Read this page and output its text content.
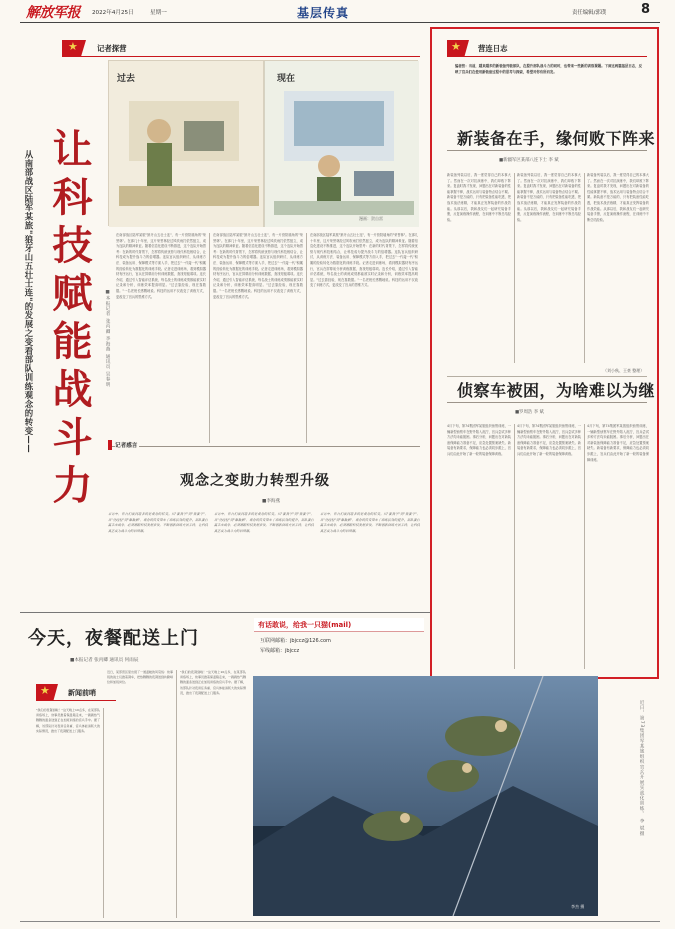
解放军报 2022年4月25日	星期一	基层传真	责任编辑/郭璞	8
★	记者探营
从南部战区陆军某旅"狼牙山五壮士连"的发展之变看部队训练观念的转变—— 让科技赋能战斗力
过去	现在
漫画：贺自雷
■本报记者 张丙卿 李海燕 通讯员 吴春明
在南部战区陆军某旅"狼牙山五壮士连"，有一片营院墙角的"荣誉林"。在那几十年里，这片荣誉林经过风吹雨打依然挺立，成为连队的精神象征。随着信息化建设不断推进，这个连队开始思考：在新的时代背景下，怎样将传统优势与现代科技相结合，让科技成为提升战斗力的倍增器。连队官兵组织研讨，从训练方法、装备运用、保障模式等方面入手，把过去"一代接一代"积累的经验转化为数据化的训练手段。记者走进训练场，看到模拟器材有序运行，官兵在屏幕前分析训练数据，查找短板弱项。连长介绍，通过引入智能评估系统，每名战士的训练成绩都能被实时记录和分析，训练效率提高明显。"过去靠经验，现在靠数据。"一名老班长感慨地说。科技的运用不仅改变了训练方式，更改变了官兵的思维方式。
在南部战区陆军某旅"狼牙山五壮士连"，有一片营院墙角的"荣誉林"。在那几十年里，这片荣誉林经过风吹雨打依然挺立，成为连队的精神象征。随着信息化建设不断推进，这个连队开始思考：在新的时代背景下，怎样将传统优势与现代科技相结合，让科技成为提升战斗力的倍增器。连队官兵组织研讨，从训练方法、装备运用、保障模式等方面入手，把过去"一代接一代"积累的经验转化为数据化的训练手段。记者走进训练场，看到模拟器材有序运行，官兵在屏幕前分析训练数据，查找短板弱项。连长介绍，通过引入智能评估系统，每名战士的训练成绩都能被实时记录和分析，训练效率提高明显。"过去靠经验，现在靠数据。"一名老班长感慨地说。科技的运用不仅改变了训练方式，更改变了官兵的思维方式。
在南部战区陆军某旅"狼牙山五壮士连"，有一片营院墙角的"荣誉林"。在那几十年里，这片荣誉林经过风吹雨打依然挺立，成为连队的精神象征。随着信息化建设不断推进，这个连队开始思考：在新的时代背景下，怎样将传统优势与现代科技相结合，让科技成为提升战斗力的倍增器。连队官兵组织研讨，从训练方法、装备运用、保障模式等方面入手，把过去"一代接一代"积累的经验转化为数据化的训练手段。记者走进训练场，看到模拟器材有序运行，官兵在屏幕前分析训练数据，查找短板弱项。连长介绍，通过引入智能评估系统，每名战士的训练成绩都能被实时记录和分析，训练效率提高明显。"过去靠经验，现在靠数据。"一名老班长感慨地说。科技的运用不仅改变了训练方式，更改变了官兵的思维方式。
记者感言
观念之变助力转型升级
■李海燕
采访中，官兵们谈到最多的是观念的转变。从"要我学"到"我要学"，从"凭经验"到"靠数据"，观念的转变带来了训练质效的提升。部队要打赢未来战争，必须紧跟科技发展步伐，不断创新训练方法手段，让科技真正成为战斗力的倍增器。
采访中，官兵们谈到最多的是观念的转变。从"要我学"到"我要学"，从"凭经验"到"靠数据"，观念的转变带来了训练质效的提升。部队要打赢未来战争，必须紧跟科技发展步伐，不断创新训练方法手段，让科技真正成为战斗力的倍增器。
采访中，官兵们谈到最多的是观念的转变。从"要我学"到"我要学"，从"凭经验"到"靠数据"，观念的转变带来了训练质效的提升。部队要打赢未来战争，必须紧跟科技发展步伐，不断创新训练方法手段，让科技真正成为战斗力的倍增器。
★ 营连日志
编者按：当前，越来越多的新装备列装部队，在提升部队战斗力的同时，也带来一些新的训练课题。下面这两篇基层日志，反映了官兵们在使用新装备过程中的思考与探索，希望对你有所启发。
新装备在手，缘何败下阵来
■新疆军区某部八连下士 李 斌
新装备列装以后，我一度觉得自己的本事大了。然而在一次对抗演练中，我们却败下阵来。复盘时我才发现，问题出在对新装备的性能掌握不够，战术运用与装备特点结合不紧。新装备不是万能的，只有把装备性能吃透，把战术战法练精，才能真正发挥装备的作战效能。从那以后，我和战友们一起研究装备手册，反复演练操作流程，在训练中不断总结经验。
新装备列装以后，我一度觉得自己的本事大了。然而在一次对抗演练中，我们却败下阵来。复盘时我才发现，问题出在对新装备的性能掌握不够，战术运用与装备特点结合不紧。新装备不是万能的，只有把装备性能吃透，把战术战法练精，才能真正发挥装备的作战效能。从那以后，我和战友们一起研究装备手册，反复演练操作流程，在训练中不断总结经验。
新装备列装以后，我一度觉得自己的本事大了。然而在一次对抗演练中，我们却败下阵来。复盘时我才发现，问题出在对新装备的性能掌握不够，战术运用与装备特点结合不紧。新装备不是万能的，只有把装备性能吃透，把战术战法练精，才能真正发挥装备的作战效能。从那以后，我和战友们一起研究装备手册，反复演练操作流程，在训练中不断总结经验。
（刘小秋、王豪 整理）
侦察车被困，为啥难以为继
■罗周浩 李 斌
4月下旬，第74集团军某旅组织侦察训练，一辆新型侦察车在野外陷入泥泞，官兵尝试多种方法均未能脱困。事后分析，问题出在对新装备保障能力准备不足，应急处置预案缺失。新装备有新要求，保障能力也必须同步跟上，官兵们由此开始了新一轮的装备保障训练。
4月下旬，第74集团军某旅组织侦察训练，一辆新型侦察车在野外陷入泥泞，官兵尝试多种方法均未能脱困。事后分析，问题出在对新装备保障能力准备不足，应急处置预案缺失。新装备有新要求，保障能力也必须同步跟上，官兵们由此开始了新一轮的装备保障训练。
4月下旬，第74集团军某旅组织侦察训练，一辆新型侦察车在野外陷入泥泞，官兵尝试多种方法均未能脱困。事后分析，问题出在对新装备保障能力准备不足，应急处置预案缺失。新装备有新要求，保障能力也必须同步跟上，官兵们由此开始了新一轮的装备保障训练。
今天，夜餐配送上门
■本报记者 张丙卿 通讯员 何雨辰
有话敢说，给我一只猫(mail)
互联网邮箱：jbjccz@126.com
军线邮箱：jbjccz
★	新闻前哨
"我们的夜餐到啦！"这天晚上10点多，在某部队训练场上，炊事员推着保温箱走来，一碗碗热气腾腾的面条送到正在加班训练的官兵手中。据了解，该部队针对夜训任务重、官兵体能消耗大的实际情况，推出了夜餐配送上门服务。
近日，某部营区里出现了一道温暖的风景线：炊事班的战士们推着餐车，把热腾腾的夜餐送到执勤哨位和加班岗位。
"我们的夜餐到啦！"这天晚上10点多，在某部队训练场上，炊事员推着保温箱走来，一碗碗热气腾腾的面条送到正在加班训练的官兵手中。据了解，该部队针对夜训任务重、官兵体能消耗大的实际情况，推出了夜餐配送上门服务。
李杰 摄
近日，第73集团军某旅组织官兵开展实战化训练。 李 斌摄
